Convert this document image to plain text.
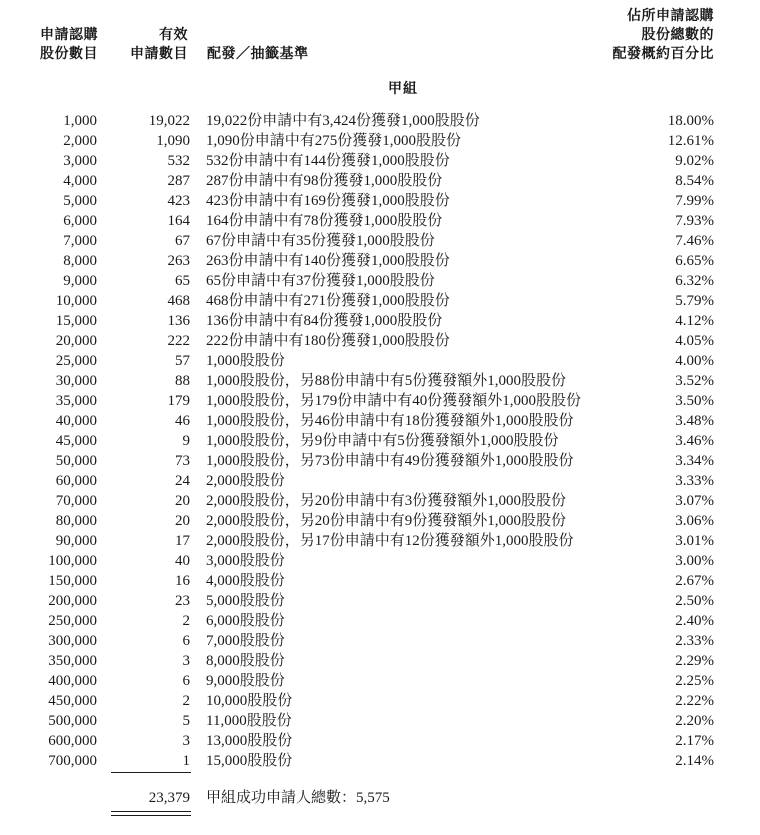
申請認購
股份數目
有效
申請數目 配發／抽籤基準
佔所申請認購
股份總數的
配發概約百分比
甲組
1,000	19,022 19,022份申請中有3,424份獲發1,000股股份	18.00%
2,000	1,090 1,090份申請中有275份獲發1,000股股份	12.61%
3,000	532 532份申請中有144份獲發1,000股股份	9.02%
4,000	287 287份申請中有98份獲發1,000股股份	8.54%
5,000	423 423份申請中有169份獲發1,000股股份	7.99%
6,000	164 164份申請中有78份獲發1,000股股份	7.93%
7,000	67 67份申請中有35份獲發1,000股股份	7.46%
8,000	263 263份申請中有140份獲發1,000股股份	6.65%
9,000	65 65份申請中有37份獲發1,000股股份	6.32%
10,000	468 468份申請中有271份獲發1,000股股份	5.79%
15,000	136 136份申請中有84份獲發1,000股股份	4.12%
20,000	222 222份申請中有180份獲發1,000股股份	4.05%
25,000	57 1,000股股份	4.00%
30,000	88 1,000股股份，另88份申請中有5份獲發額外1,000股股份	3.52%
35,000	179 1,000股股份，另179份申請中有40份獲發額外1,000股股份	3.50%
40,000	46 1,000股股份，另46份申請中有18份獲發額外1,000股股份	3.48%
45,000	9 1,000股股份，另9份申請中有5份獲發額外1,000股股份	3.46%
50,000	73 1,000股股份，另73份申請中有49份獲發額外1,000股股份	3.34%
60,000	24 2,000股股份	3.33%
70,000	20 2,000股股份，另20份申請中有3份獲發額外1,000股股份	3.07%
80,000	20 2,000股股份，另20份申請中有9份獲發額外1,000股股份	3.06%
90,000	17 2,000股股份，另17份申請中有12份獲發額外1,000股股份	3.01%
100,000	40 3,000股股份	3.00%
150,000	16 4,000股股份	2.67%
200,000	23 5,000股股份	2.50%
250,000	2 6,000股股份	2.40%
300,000	6 7,000股股份	2.33%
350,000	3 8,000股股份	2.29%
400,000	6 9,000股股份	2.25%
450,000	2 10,000股股份	2.22%
500,000	5 11,000股股份	2.20%
600,000	3 13,000股股份	2.17%
700,000	1 15,000股股份	2.14%
23,379 甲組成功申請人總數：5,575
